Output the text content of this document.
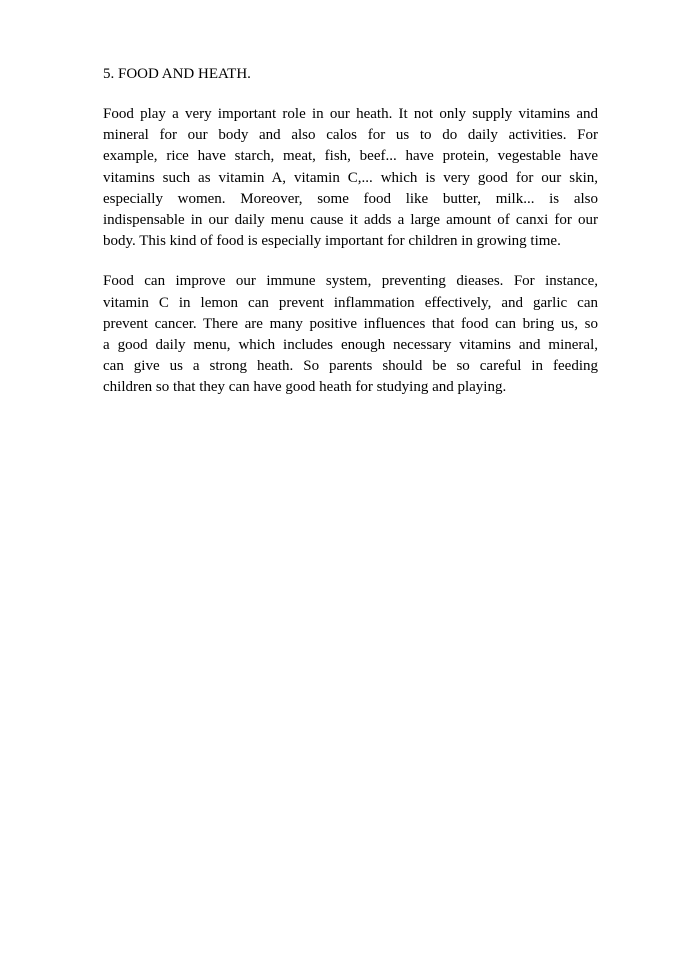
5. FOOD AND HEATH.
Food play a very important role in our heath. It not only supply vitamins and
mineral for our body and also calos for us to do daily activities. For
example, rice have starch, meat, fish, beef... have protein, vegestable have
vitamins such as vitamin A, vitamin C,... which is very good for our skin,
especially women. Moreover, some food like butter, milk... is also
indispensable in our daily menu cause it adds a large amount of canxi for our
body. This kind of food is especially important for children in growing time.
Food can improve our immune system, preventing dieases. For instance,
vitamin C in lemon can prevent inflammation effectively, and garlic can
prevent cancer. There are many positive influences that food can bring us, so
a good daily menu, which includes enough necessary vitamins and mineral,
can give us a strong heath. So parents should be so careful in feeding
children so that they can have good heath for studying and playing.
